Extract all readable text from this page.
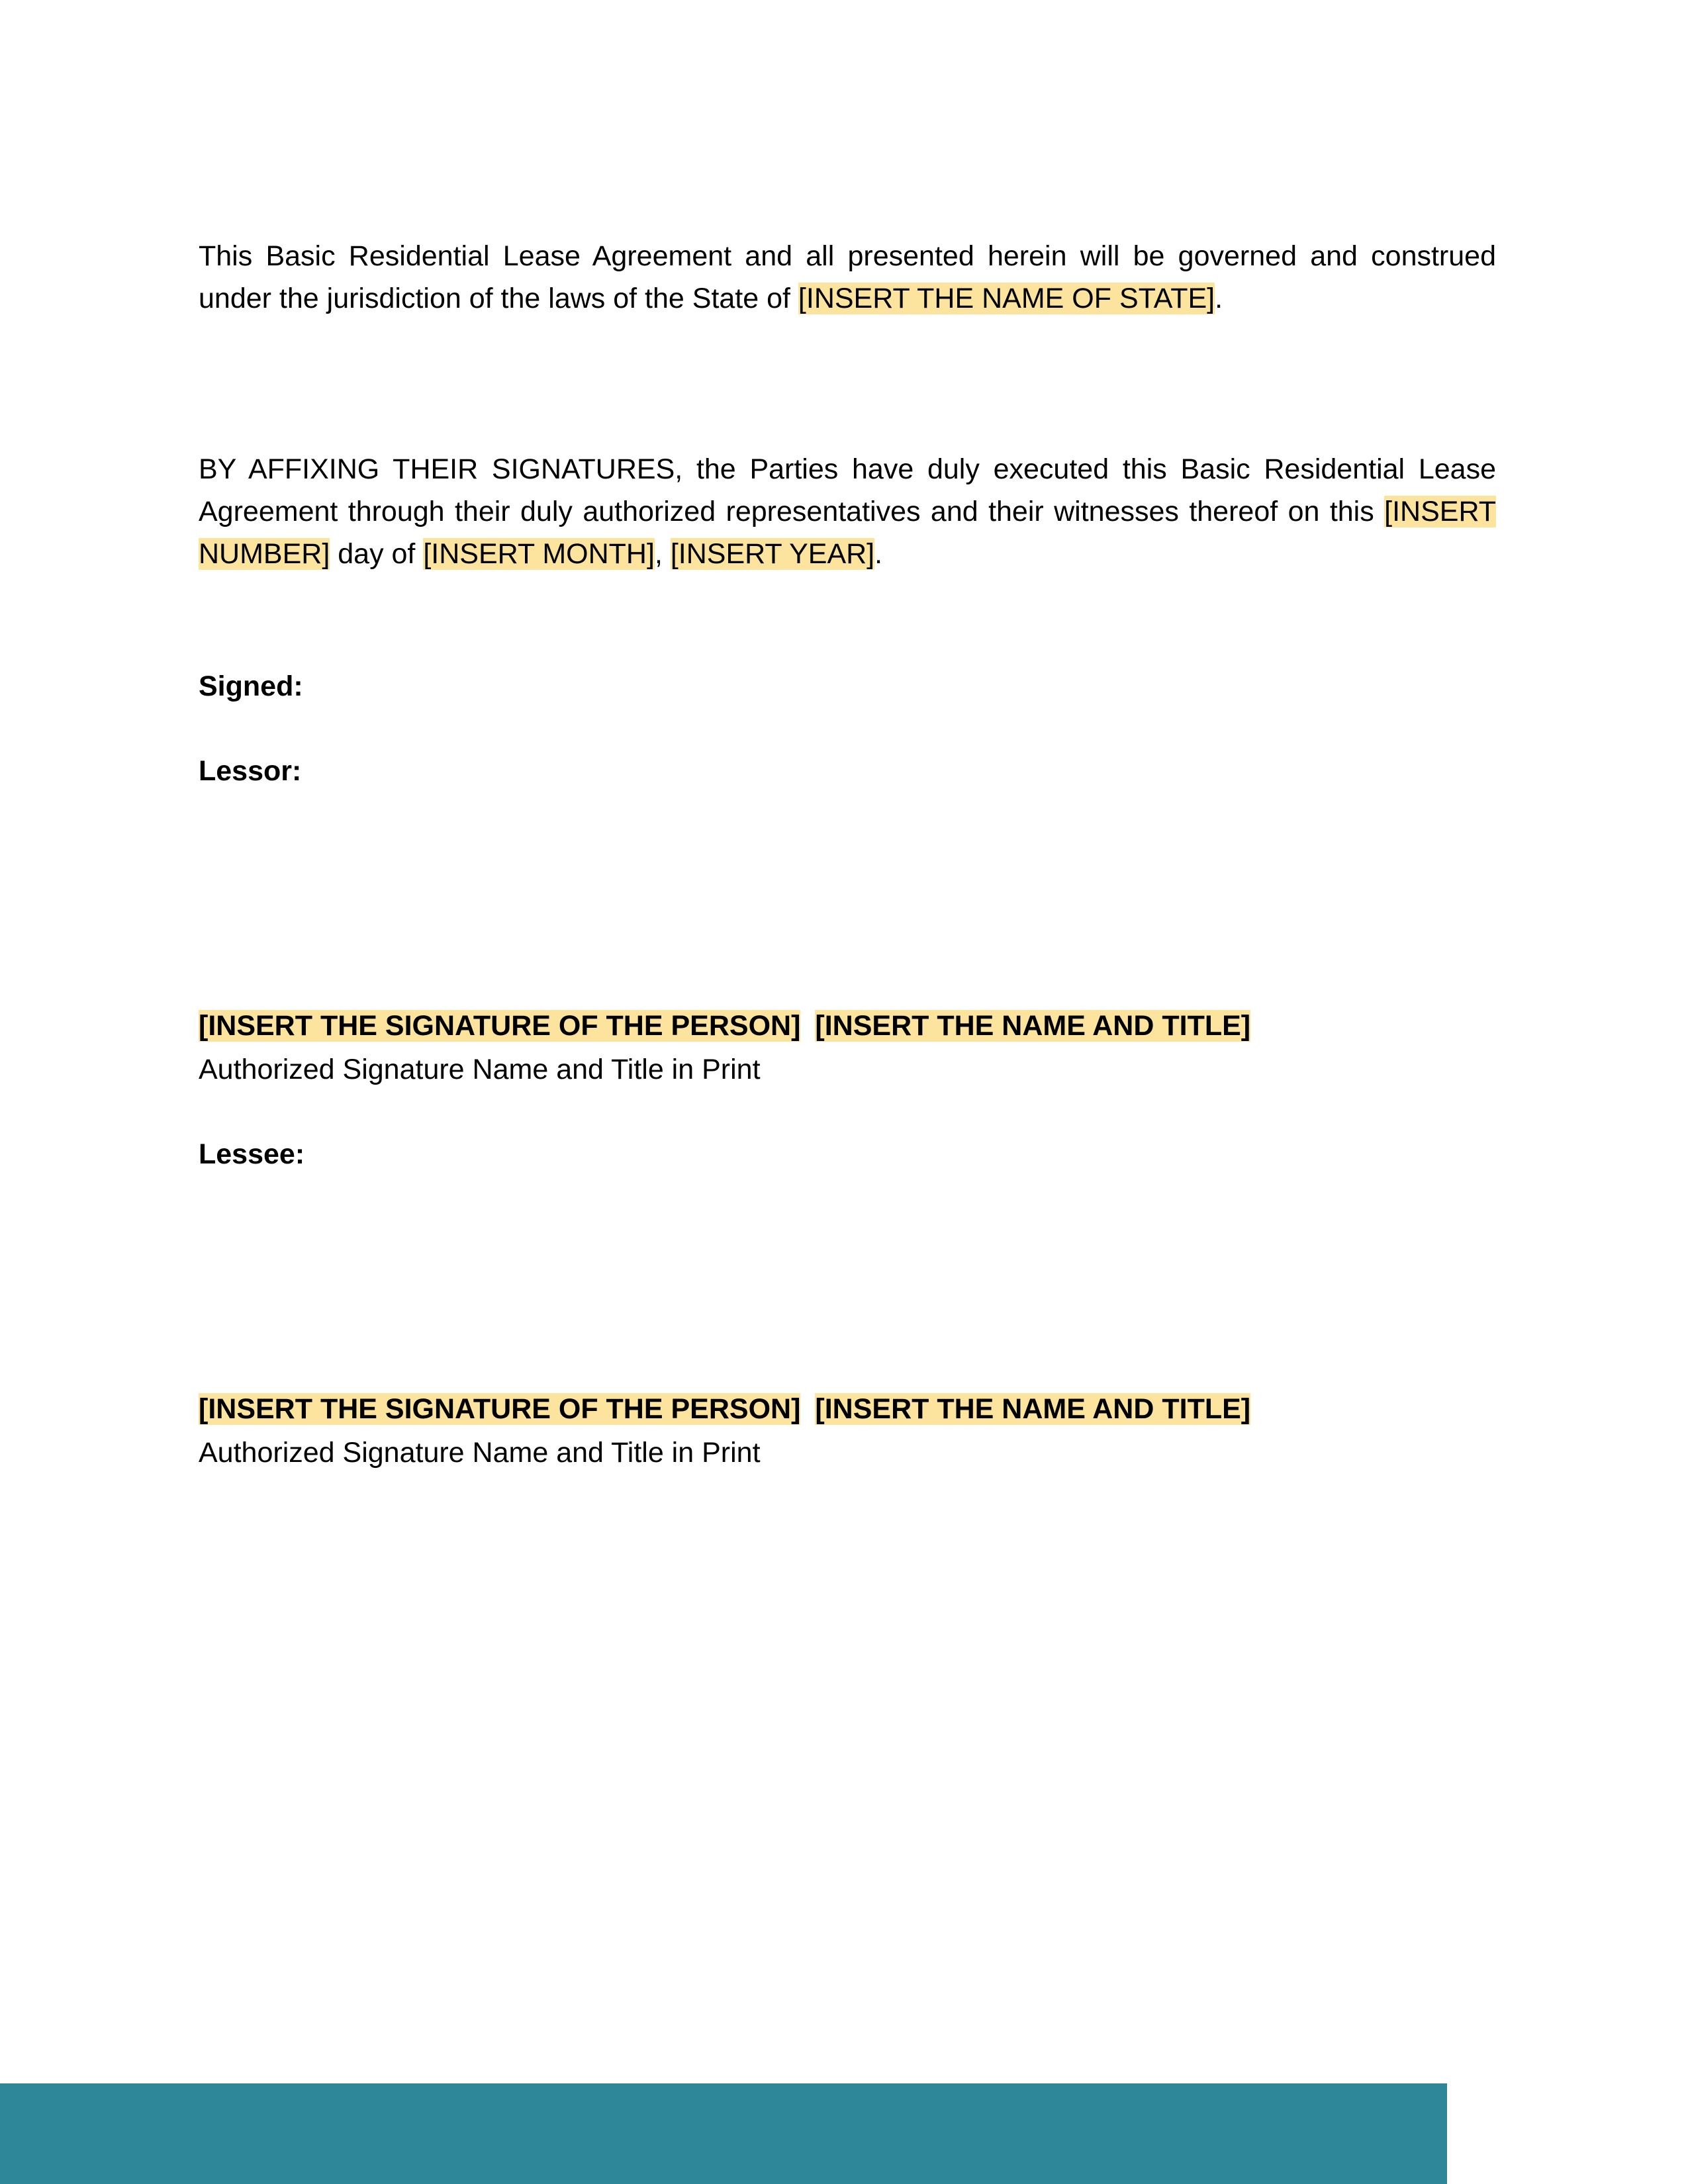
This Basic Residential Lease Agreement and all presented herein will be governed and construed under the jurisdiction of the laws of the State of [INSERT THE NAME OF STATE].

BY AFFIXING THEIR SIGNATURES, the Parties have duly executed this Basic Residential Lease Agreement through their duly authorized representatives and their witnesses thereof on this [INSERT NUMBER] day of [INSERT MONTH], [INSERT YEAR].

Signed:
Lessor:
[INSERT THE SIGNATURE OF THE PERSON] [INSERT THE NAME AND TITLE]
Authorized Signature Name and Title in Print
Lessee:
[INSERT THE SIGNATURE OF THE PERSON] [INSERT THE NAME AND TITLE]
Authorized Signature Name and Title in Print
